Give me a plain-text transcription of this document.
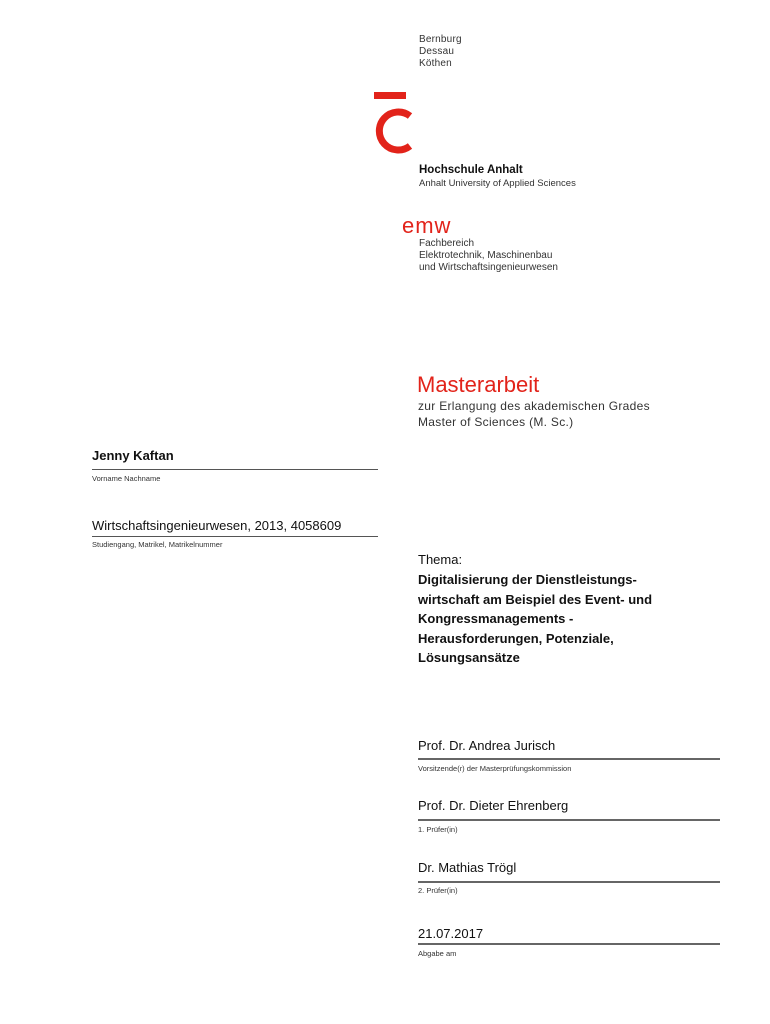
Bernburg
Dessau
Köthen
Hochschule Anhalt
Anhalt University of Applied Sciences
emw
Fachbereich
Elektrotechnik, Maschinenbau
und Wirtschaftsingenieurwesen
Masterarbeit
zur Erlangung des akademischen Grades
Master of Sciences (M. Sc.)
Jenny Kaftan
Vorname Nachname
Wirtschaftsingenieurwesen, 2013, 4058609
Studiengang, Matrikel, Matrikelnummer
Thema:
Digitalisierung der Dienstleistungs-
wirtschaft am Beispiel des Event- und
Kongressmanagements -
Herausforderungen, Potenziale,
Lösungsansätze
Prof. Dr. Andrea Jurisch
Vorsitzende(r) der Masterprüfungskommission
Prof. Dr. Dieter Ehrenberg
1. Prüfer(in)
Dr. Mathias Trögl
2. Prüfer(in)
21.07.2017
Abgabe am
